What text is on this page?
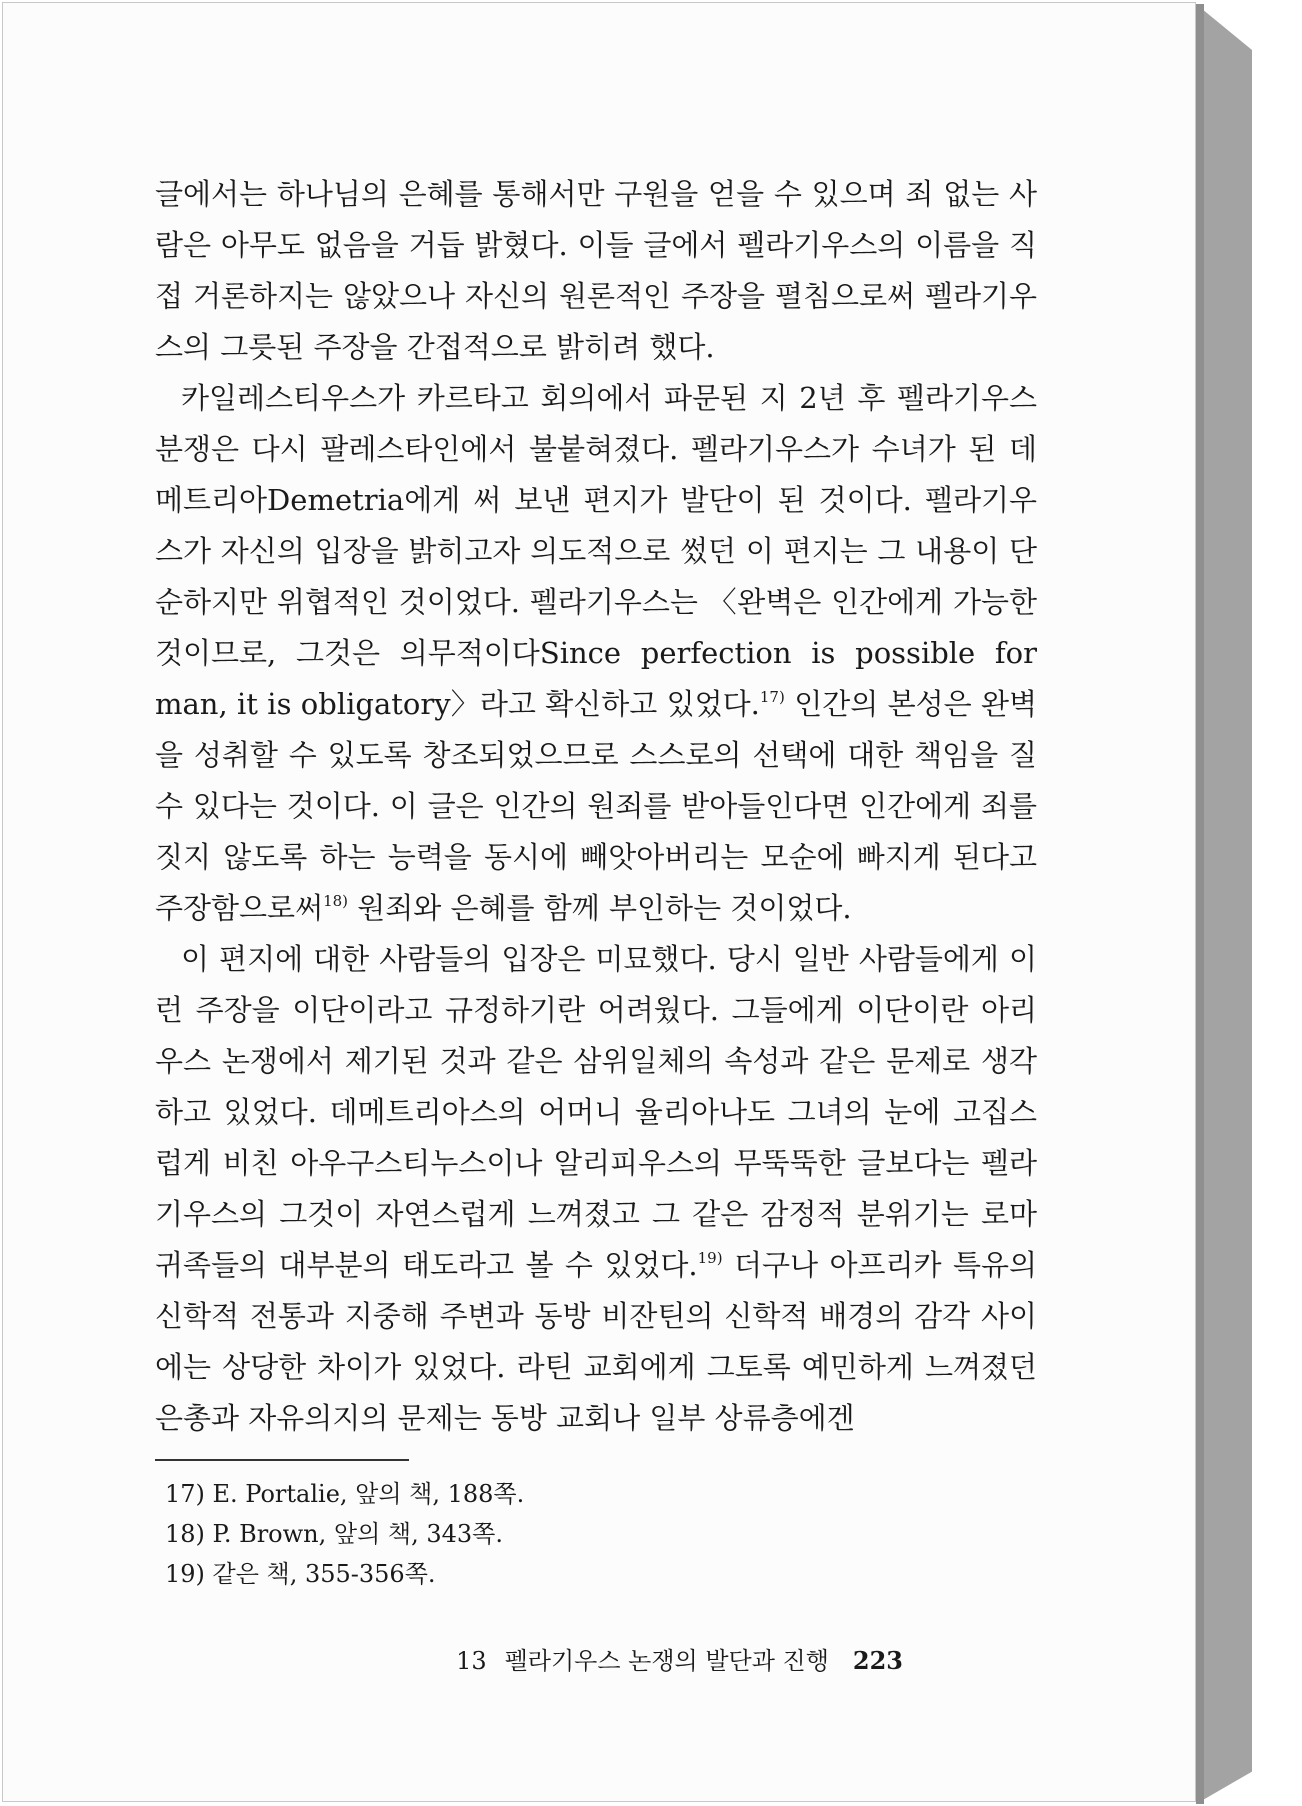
글에서는 하나님의 은혜를 통해서만 구원을 얻을 수 있으며 죄 없는 사람은 아무도 없음을 거듭 밝혔다. 이들 글에서 펠라기우스의 이름을 직접 거론하지는 않았으나 자신의 원론적인 주장을 펼침으로써 펠라기우스의 그릇된 주장을 간접적으로 밝히려 했다.

카일레스티우스가 카르타고 회의에서 파문된 지 2년 후 펠라기우스 분쟁은 다시 팔레스타인에서 불붙혀졌다. 펠라기우스가 수녀가 된 데메트리아Demetria에게 써 보낸 편지가 발단이 된 것이다. 펠라기우스가 자신의 입장을 밝히고자 의도적으로 썼던 이 편지는 그 내용이 단순하지만 위협적인 것이었다. 펠라기우스는 〈완벽은 인간에게 가능한 것이므로, 그것은 의무적이다Since perfection is possible for man, it is obligatory〉라고 확신하고 있었다.$^{17)}$ 인간의 본성은 완벽을 성취할 수 있도록 창조되었으므로 스스로의 선택에 대한 책임을 질 수 있다는 것이다. 이 글은 인간의 원죄를 받아들인다면 인간에게 죄를 짓지 않도록 하는 능력을 동시에 빼앗아버리는 모순에 빠지게 된다고 주장함으로써$^{18)}$ 원죄와 은혜를 함께 부인하는 것이었다.

이 편지에 대한 사람들의 입장은 미묘했다. 당시 일반 사람들에게 이런 주장을 이단이라고 규정하기란 어려웠다. 그들에게 이단이란 아리우스 논쟁에서 제기된 것과 같은 삼위일체의 속성과 같은 문제로 생각하고 있었다. 데메트리아스의 어머니 율리아나도 그녀의 눈에 고집스럽게 비친 아우구스티누스이나 알리피우스의 무뚝뚝한 글보다는 펠라기우스의 그것이 자연스럽게 느껴졌고 그 같은 감정적 분위기는 로마 귀족들의 대부분의 태도라고 볼 수 있었다.$^{19)}$ 더구나 아프리카 특유의 신학적 전통과 지중해 주변과 동방 비잔틴의 신학적 배경의 감각 사이에는 상당한 차이가 있었다. 라틴 교회에게 그토록 예민하게 느껴졌던 은총과 자유의지의 문제는 동방 교회나 일부 상류층에겐

17) E. Portalie, 앞의 책, 188쪽.
18) P. Brown, 앞의 책, 343쪽.
19) 같은 책, 355-356쪽.
13 펠라기우스 논쟁의 발단과 진행 223
